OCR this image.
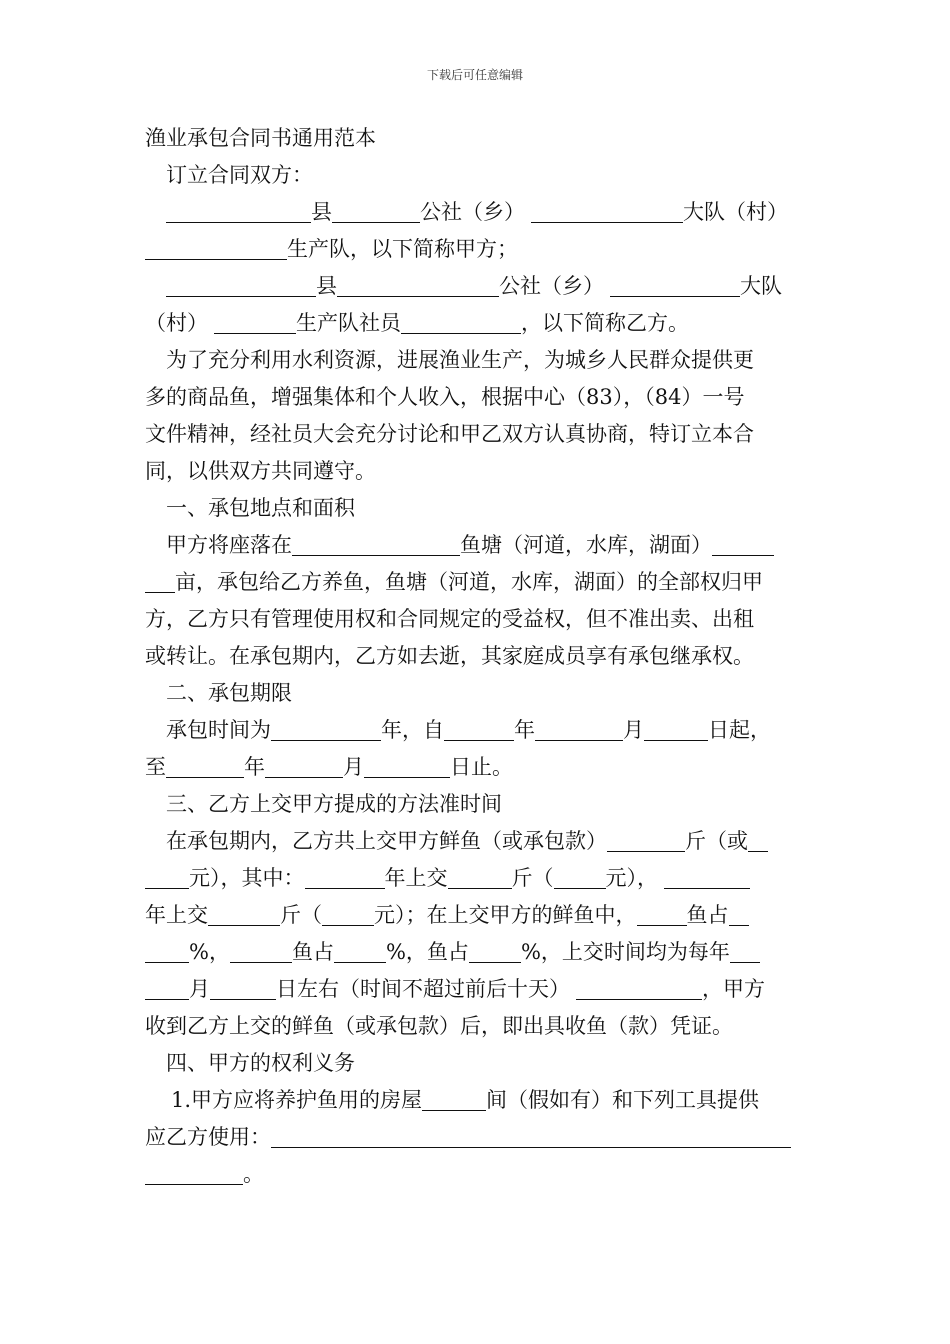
下载后可任意编辑
渔业承包合同书通用范本
订立合同双方：
县	公社（乡）	大队（村）
生产队，以下简称甲方；
县	公社（乡）	大队
（村）	生产队社员	，以下简称乙方。
为了充分利用水利资源，进展渔业生产，为城乡人民群众提供更
多的商品鱼，增强集体和个人收入，根据中心（83），（84）一号
文件精神，经社员大会充分讨论和甲乙双方认真协商，特订立本合
同，以供双方共同遵守。
一、承包地点和面积
甲方将座落在	鱼塘（河道，水库，湖面）
亩，承包给乙方养鱼，鱼塘（河道，水库，湖面）的全部权归甲
方，乙方只有管理使用权和合同规定的受益权，但不准出卖、出租
或转让。在承包期内，乙方如去逝，其家庭成员享有承包继承权。
二、承包期限
承包时间为	年，自	年	月	日起，
至	年	月	日止。
三、乙方上交甲方提成的方法准时间
在承包期内，乙方共上交甲方鲜鱼（或承包款）	斤（或
元），其中：	年上交	斤（ 元），
年上交	斤（ 元）；在上交甲方的鲜鱼中， 鱼占
%，	鱼占 %，鱼占 %，上交时间均为每年
月	日左右（时间不超过前后十天）	，甲方
收到乙方上交的鲜鱼（或承包款）后，即出具收鱼（款）凭证。
四、甲方的权利义务
1.甲方应将养护鱼用的房屋	间（假如有）和下列工具提供
应乙方使用：
。
